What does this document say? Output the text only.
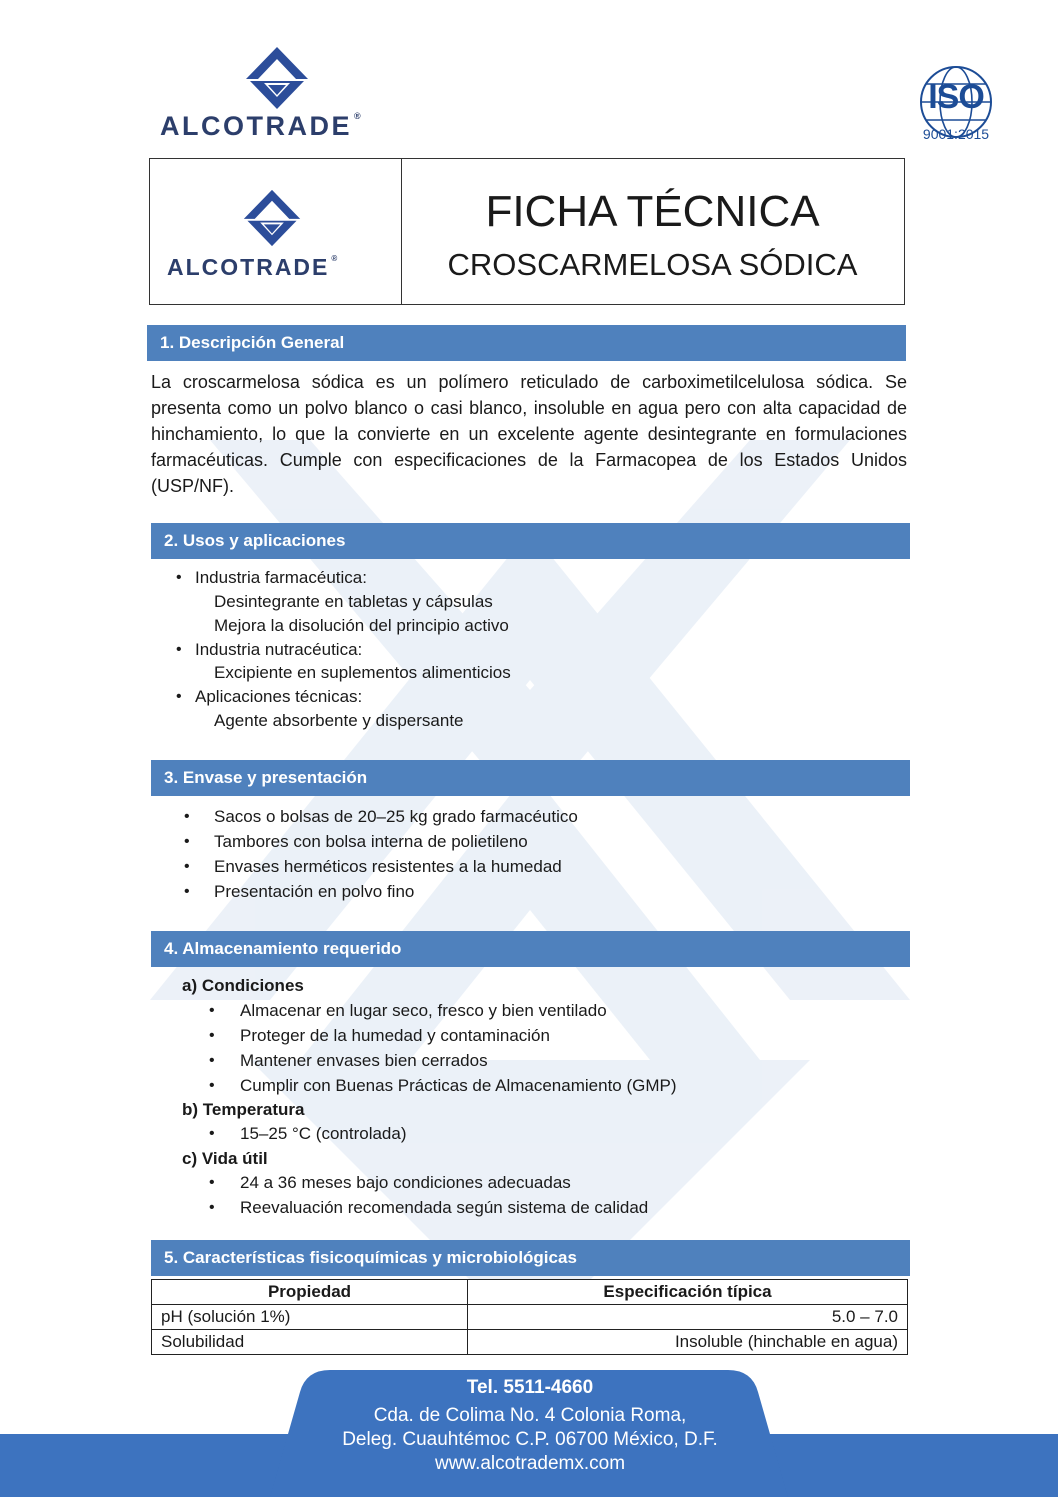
ALCOTRADE ®	ISO
9001:2015
ALCOTRADE ®
FICHA TÉCNICA
CROSCARMELOSA SÓDICA
1. Descripción General
La croscarmelosa sódica es un polímero reticulado de carboximetilcelulosa sódica. Se presenta como un polvo blanco o casi blanco, insoluble en agua pero con alta capacidad de hinchamiento, lo que la convierte en un excelente agente desintegrante en formulaciones farmacéuticas. Cumple con especificaciones de la Farmacopea de los Estados Unidos (USP/NF).
2. Usos y aplicaciones
• Industria farmacéutica:
Desintegrante en tabletas y cápsulas
Mejora la disolución del principio activo
• Industria nutracéutica:
Excipiente en suplementos alimenticios
• Aplicaciones técnicas:
Agente absorbente y dispersante
3. Envase y presentación
• Sacos o bolsas de 20–25 kg grado farmacéutico
• Tambores con bolsa interna de polietileno
• Envases herméticos resistentes a la humedad
• Presentación en polvo fino
4. Almacenamiento requerido
a) Condiciones
• Almacenar en lugar seco, fresco y bien ventilado
• Proteger de la humedad y contaminación
• Mantener envases bien cerrados
• Cumplir con Buenas Prácticas de Almacenamiento (GMP)
b) Temperatura
• 15–25 °C (controlada)
c) Vida útil
• 24 a 36 meses bajo condiciones adecuadas
• Reevaluación recomendada según sistema de calidad
5. Características fisicoquímicas y microbiológicas
Propiedad	Especificación típica
pH (solución 1%)	5.0 – 7.0
Solubilidad	Insoluble (hinchable en agua)
Tel. 5511-4660
Cda. de Colima No. 4 Colonia Roma,
Deleg. Cuauhtémoc C.P. 06700 México, D.F.
www.alcotrademx.com
